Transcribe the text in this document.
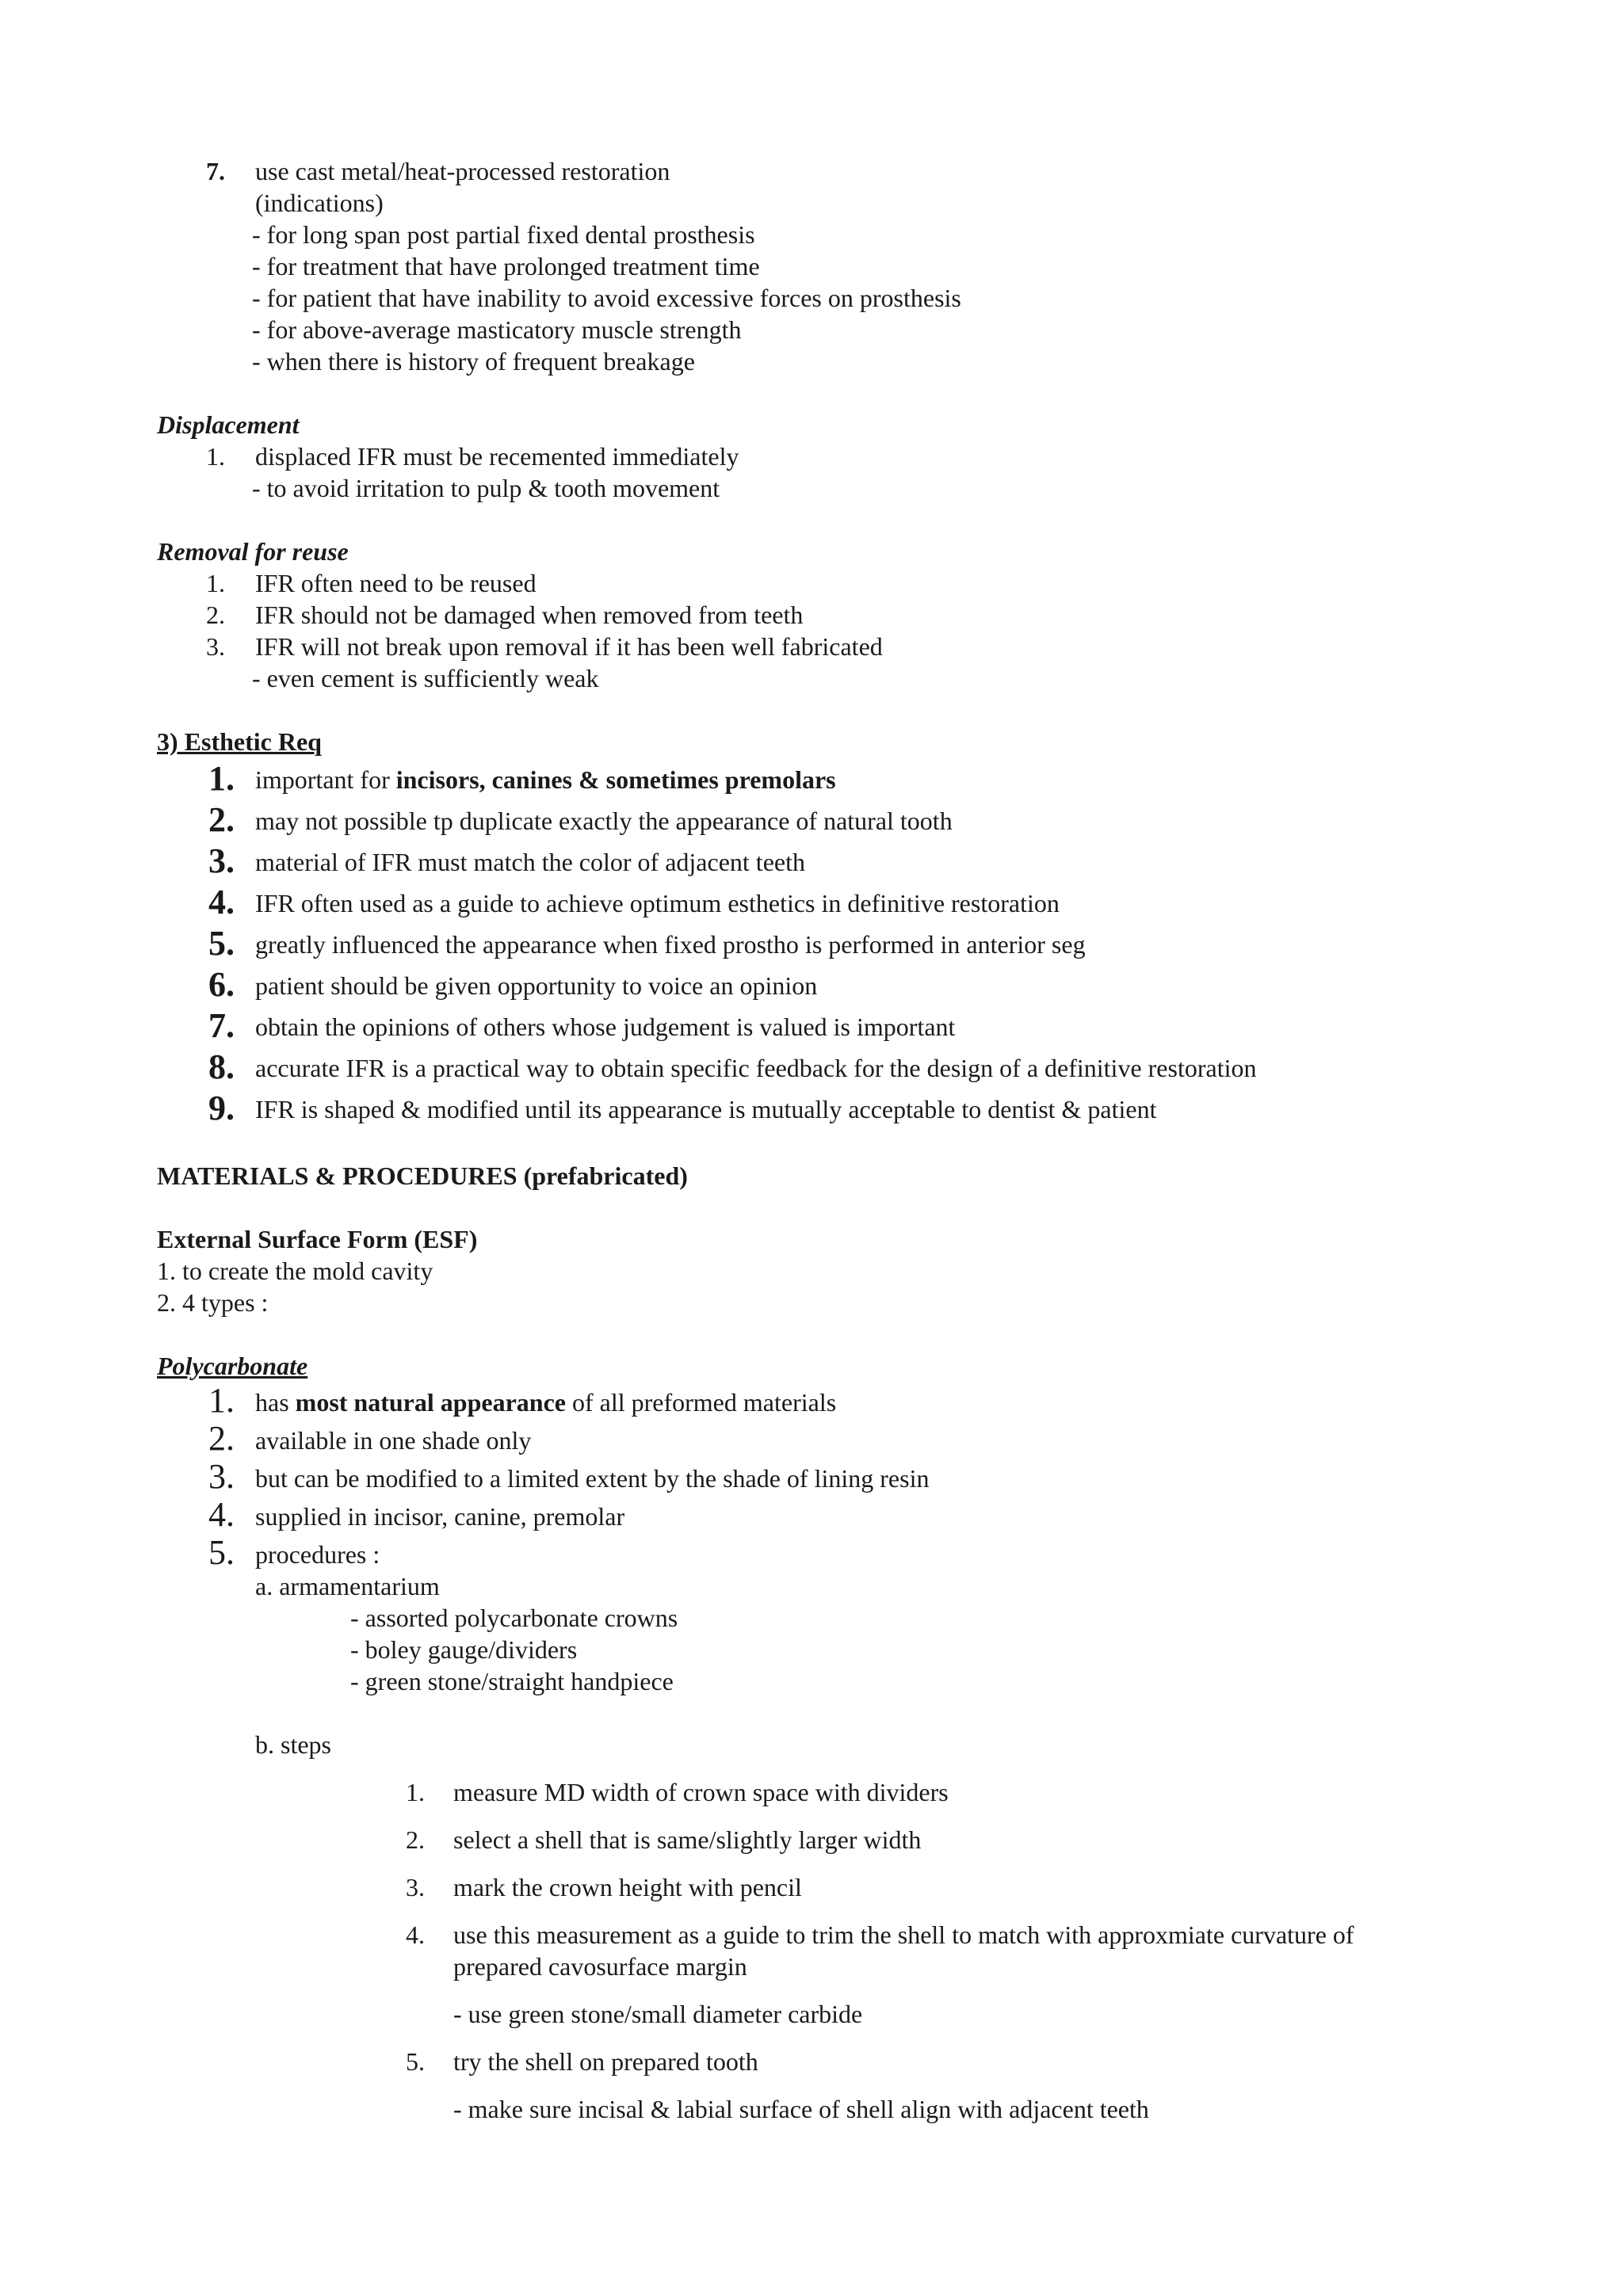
7. use cast metal/heat-processed restoration
(indications)
- for long span post partial fixed dental prosthesis
- for treatment that have prolonged treatment time
- for patient that have inability to avoid excessive forces on prosthesis
- for above-average masticatory muscle strength
- when there is history of frequent breakage
Displacement
1. displaced IFR must be recemented immediately
- to avoid irritation to pulp & tooth movement
Removal for reuse
1. IFR often need to be reused
2. IFR should not be damaged when removed from teeth
3. IFR will not break upon removal if it has been well fabricated
- even cement is sufficiently weak
3) Esthetic Req
1. important for incisors, canines & sometimes premolars
2. may not possible tp duplicate exactly the appearance of natural tooth
3. material of IFR must match the color of adjacent teeth
4. IFR often used as a guide to achieve optimum esthetics in definitive restoration
5. greatly influenced the appearance when fixed prostho is performed in anterior seg
6. patient should be given opportunity to voice an opinion
7. obtain the opinions of others whose judgement is valued is important
8. accurate IFR is a practical way to obtain specific feedback for the design of a definitive restoration
9. IFR is shaped & modified until its appearance is mutually acceptable to dentist & patient
MATERIALS & PROCEDURES (prefabricated)
External Surface Form (ESF)
1. to create the mold cavity
2. 4 types :
Polycarbonate
1. has most natural appearance of all preformed materials
2. available in one shade only
3. but can be modified to a limited extent by the shade of lining resin
4. supplied in incisor, canine, premolar
5. procedures :
a. armamentarium
- assorted polycarbonate crowns
- boley gauge/dividers
- green stone/straight handpiece
b. steps
1. measure MD width of crown space with dividers
2. select a shell that is same/slightly larger width
3. mark the crown height with pencil
4. use this measurement as a guide to trim the shell to match with approxmiate curvature of
prepared cavosurface margin
- use green stone/small diameter carbide
5. try the shell on prepared tooth
- make sure incisal & labial surface of shell align with adjacent teeth
